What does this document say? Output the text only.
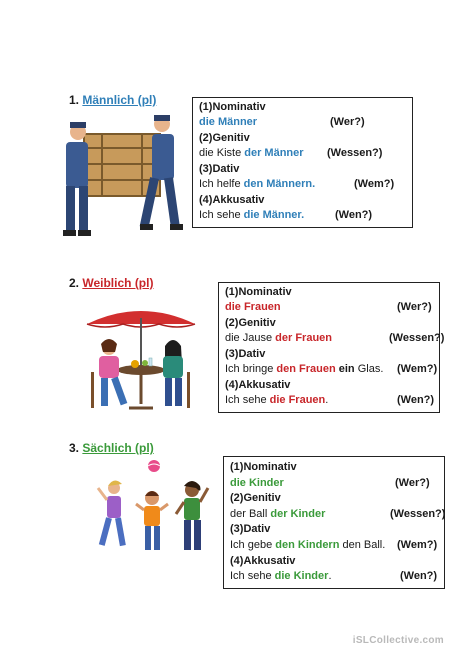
1. Männlich (pl)	(1)Nominativ
die Männer	(Wer?)
(2)Genitiv
die Kiste der Männer (Wessen?)
(3)Dativ
Ich helfe den Männern.	(Wem?)
(4)Akkusativ
Ich sehe die Männer.	(Wen?)
2. Weiblich (pl)
(1)Nominativ
die Frauen	(Wer?)
(2)Genitiv
die Jause der Frauen	(Wessen?)
(3)Dativ
Ich bringe den Frauen ein Glas. (Wem?)
(4)Akkusativ
Ich sehe die Frauen.	(Wen?)
3. Sächlich (pl)
(1)Nominativ
die Kinder	(Wer?)
(2)Genitiv
der Ball der Kinder	(Wessen?)
(3)Dativ
Ich gebe den Kindern den Ball. (Wem?)
(4)Akkusativ
Ich sehe die Kinder.	(Wen?)
iSLCollective.com
